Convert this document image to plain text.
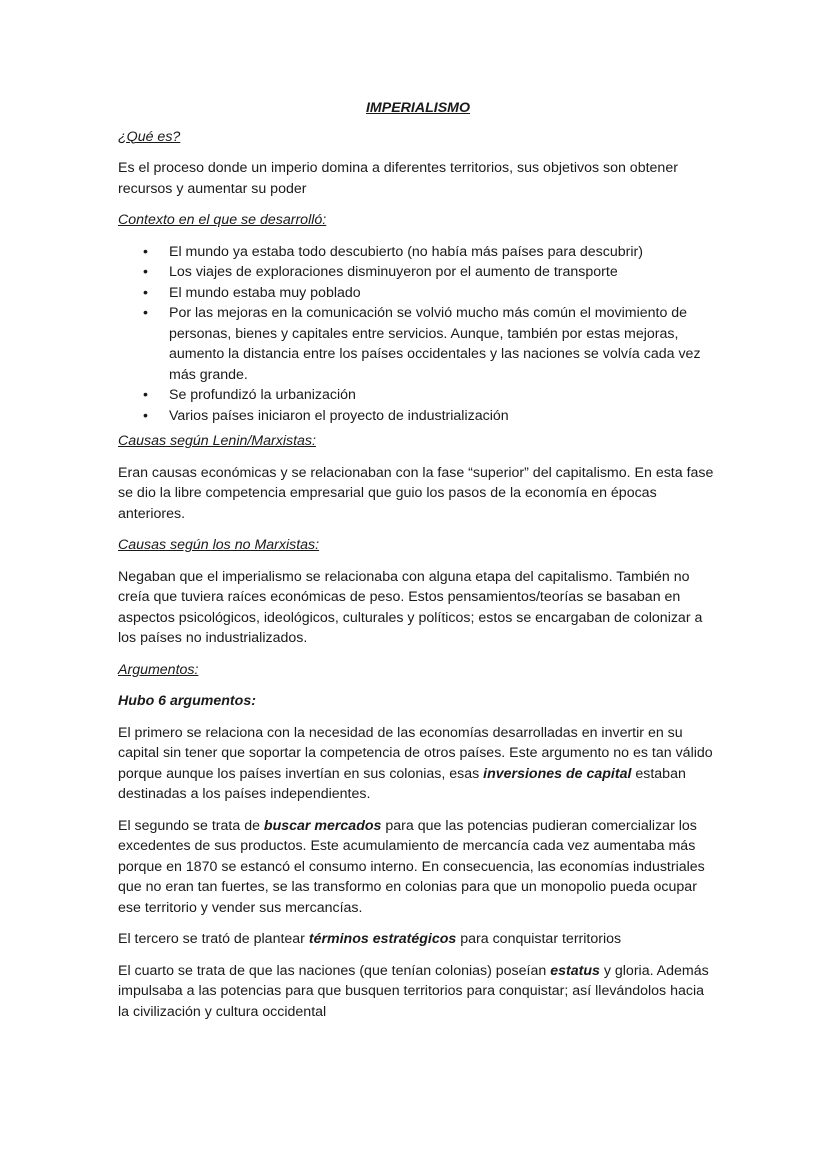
IMPERIALISMO
¿Qué es?

Es el proceso donde un imperio domina a diferentes territorios, sus objetivos son obtener recursos y aumentar su poder

Contexto en el que se desarrolló:
• El mundo ya estaba todo descubierto (no había más países para descubrir)
• Los viajes de exploraciones disminuyeron por el aumento de transporte
• El mundo estaba muy poblado
• Por las mejoras en la comunicación se volvió mucho más común el movimiento de personas, bienes y capitales entre servicios. Aunque, también por estas mejoras, aumento la distancia entre los países occidentales y las naciones se volvía cada vez más grande.
• Se profundizó la urbanización
• Varios países iniciaron el proyecto de industrialización
Causas según Lenin/Marxistas:

Eran causas económicas y se relacionaban con la fase “superior” del capitalismo. En esta fase se dio la libre competencia empresarial que guio los pasos de la economía en épocas anteriores.

Causas según los no Marxistas:

Negaban que el imperialismo se relacionaba con alguna etapa del capitalismo. También no creía que tuviera raíces económicas de peso. Estos pensamientos/teorías se basaban en aspectos psicológicos, ideológicos, culturales y políticos; estos se encargaban de colonizar a los países no industrializados.

Argumentos:
Hubo 6 argumentos:

El primero se relaciona con la necesidad de las economías desarrolladas en invertir en su capital sin tener que soportar la competencia de otros países. Este argumento no es tan válido porque aunque los países invertían en sus colonias, esas inversiones de capital estaban destinadas a los países independientes.

El segundo se trata de buscar mercados para que las potencias pudieran comercializar los excedentes de sus productos. Este acumulamiento de mercancía cada vez aumentaba más porque en 1870 se estancó el consumo interno. En consecuencia, las economías industriales que no eran tan fuertes, se las transformo en colonias para que un monopolio pueda ocupar ese territorio y vender sus mercancías.

El tercero se trató de plantear términos estratégicos para conquistar territorios

El cuarto se trata de que las naciones (que tenían colonias) poseían estatus y gloria. Además impulsaba a las potencias para que busquen territorios para conquistar; así llevándolos hacia la civilización y cultura occidental
